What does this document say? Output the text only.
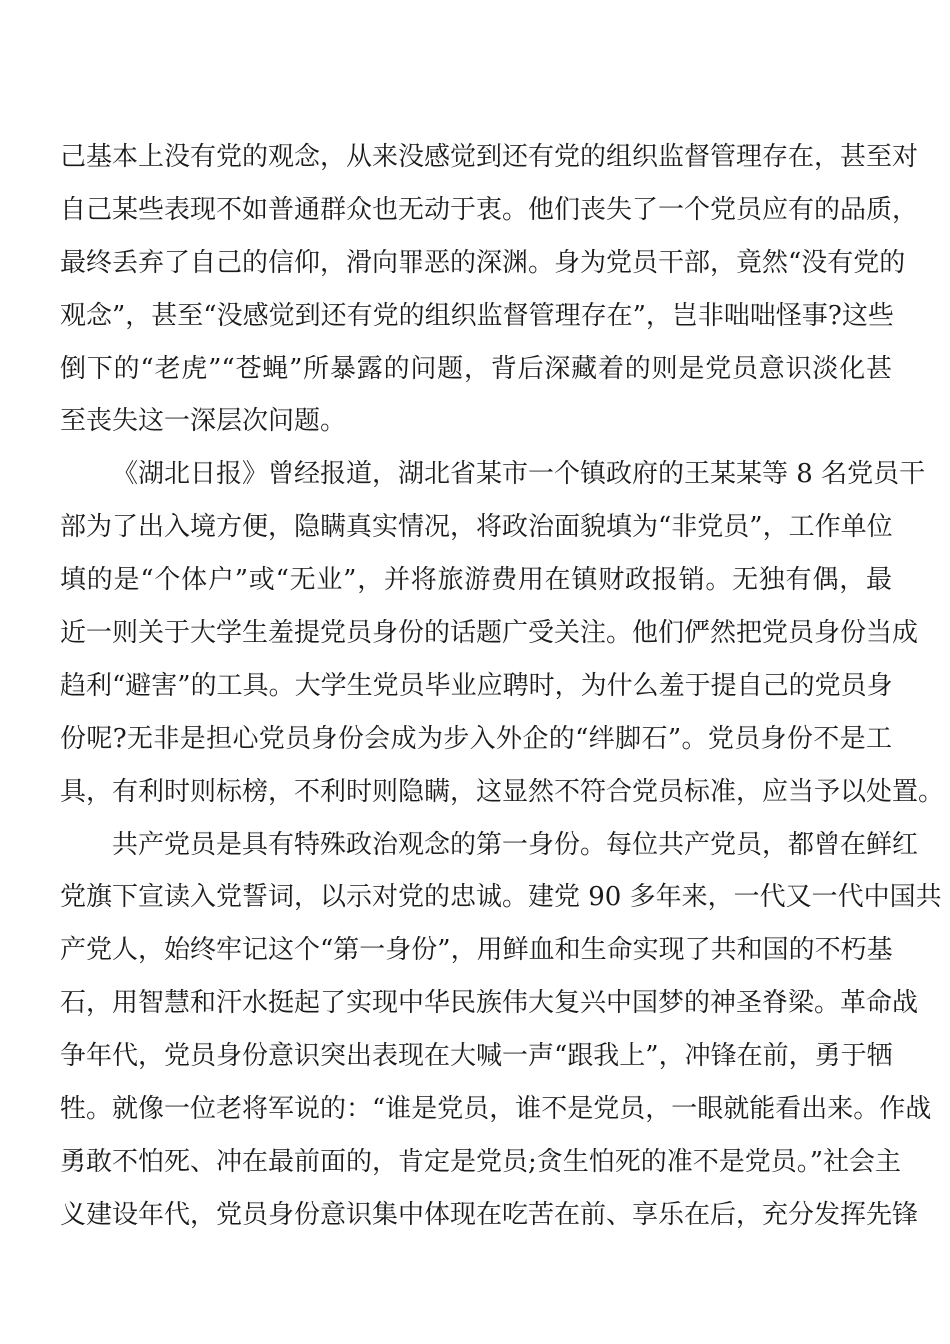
己基本上没有党的观念，从来没感觉到还有党的组织监督管理存在，甚至对
自己某些表现不如普通群众也无动于衷。他们丧失了一个党员应有的品质，
最终丢弃了自己的信仰，滑向罪恶的深渊。身为党员干部，竟然“没有党的
观念”，甚至“没感觉到还有党的组织监督管理存在”，岂非咄咄怪事?这些
倒下的“老虎”“苍蝇”所暴露的问题，背后深藏着的则是党员意识淡化甚
至丧失这一深层次问题。
《湖北日报》曾经报道，湖北省某市一个镇政府的王某某等 8 名党员干
部为了出入境方便，隐瞒真实情况，将政治面貌填为“非党员”，工作单位
填的是“个体户”或“无业”，并将旅游费用在镇财政报销。无独有偶，最
近一则关于大学生羞提党员身份的话题广受关注。他们俨然把党员身份当成
趋利“避害”的工具。大学生党员毕业应聘时，为什么羞于提自己的党员身
份呢?无非是担心党员身份会成为步入外企的“绊脚石”。党员身份不是工
具，有利时则标榜，不利时则隐瞒，这显然不符合党员标准，应当予以处置。
共产党员是具有特殊政治观念的第一身份。每位共产党员，都曾在鲜红
党旗下宣读入党誓词，以示对党的忠诚。建党 90 多年来，一代又一代中国共
产党人，始终牢记这个“第一身份”，用鲜血和生命实现了共和国的不朽基
石，用智慧和汗水挺起了实现中华民族伟大复兴中国梦的神圣脊梁。革命战
争年代，党员身份意识突出表现在大喊一声“跟我上”，冲锋在前，勇于牺
牲。就像一位老将军说的：“谁是党员，谁不是党员，一眼就能看出来。作战
勇敢不怕死、冲在最前面的，肯定是党员;贪生怕死的准不是党员。”社会主
义建设年代，党员身份意识集中体现在吃苦在前、享乐在后，充分发挥先锋
